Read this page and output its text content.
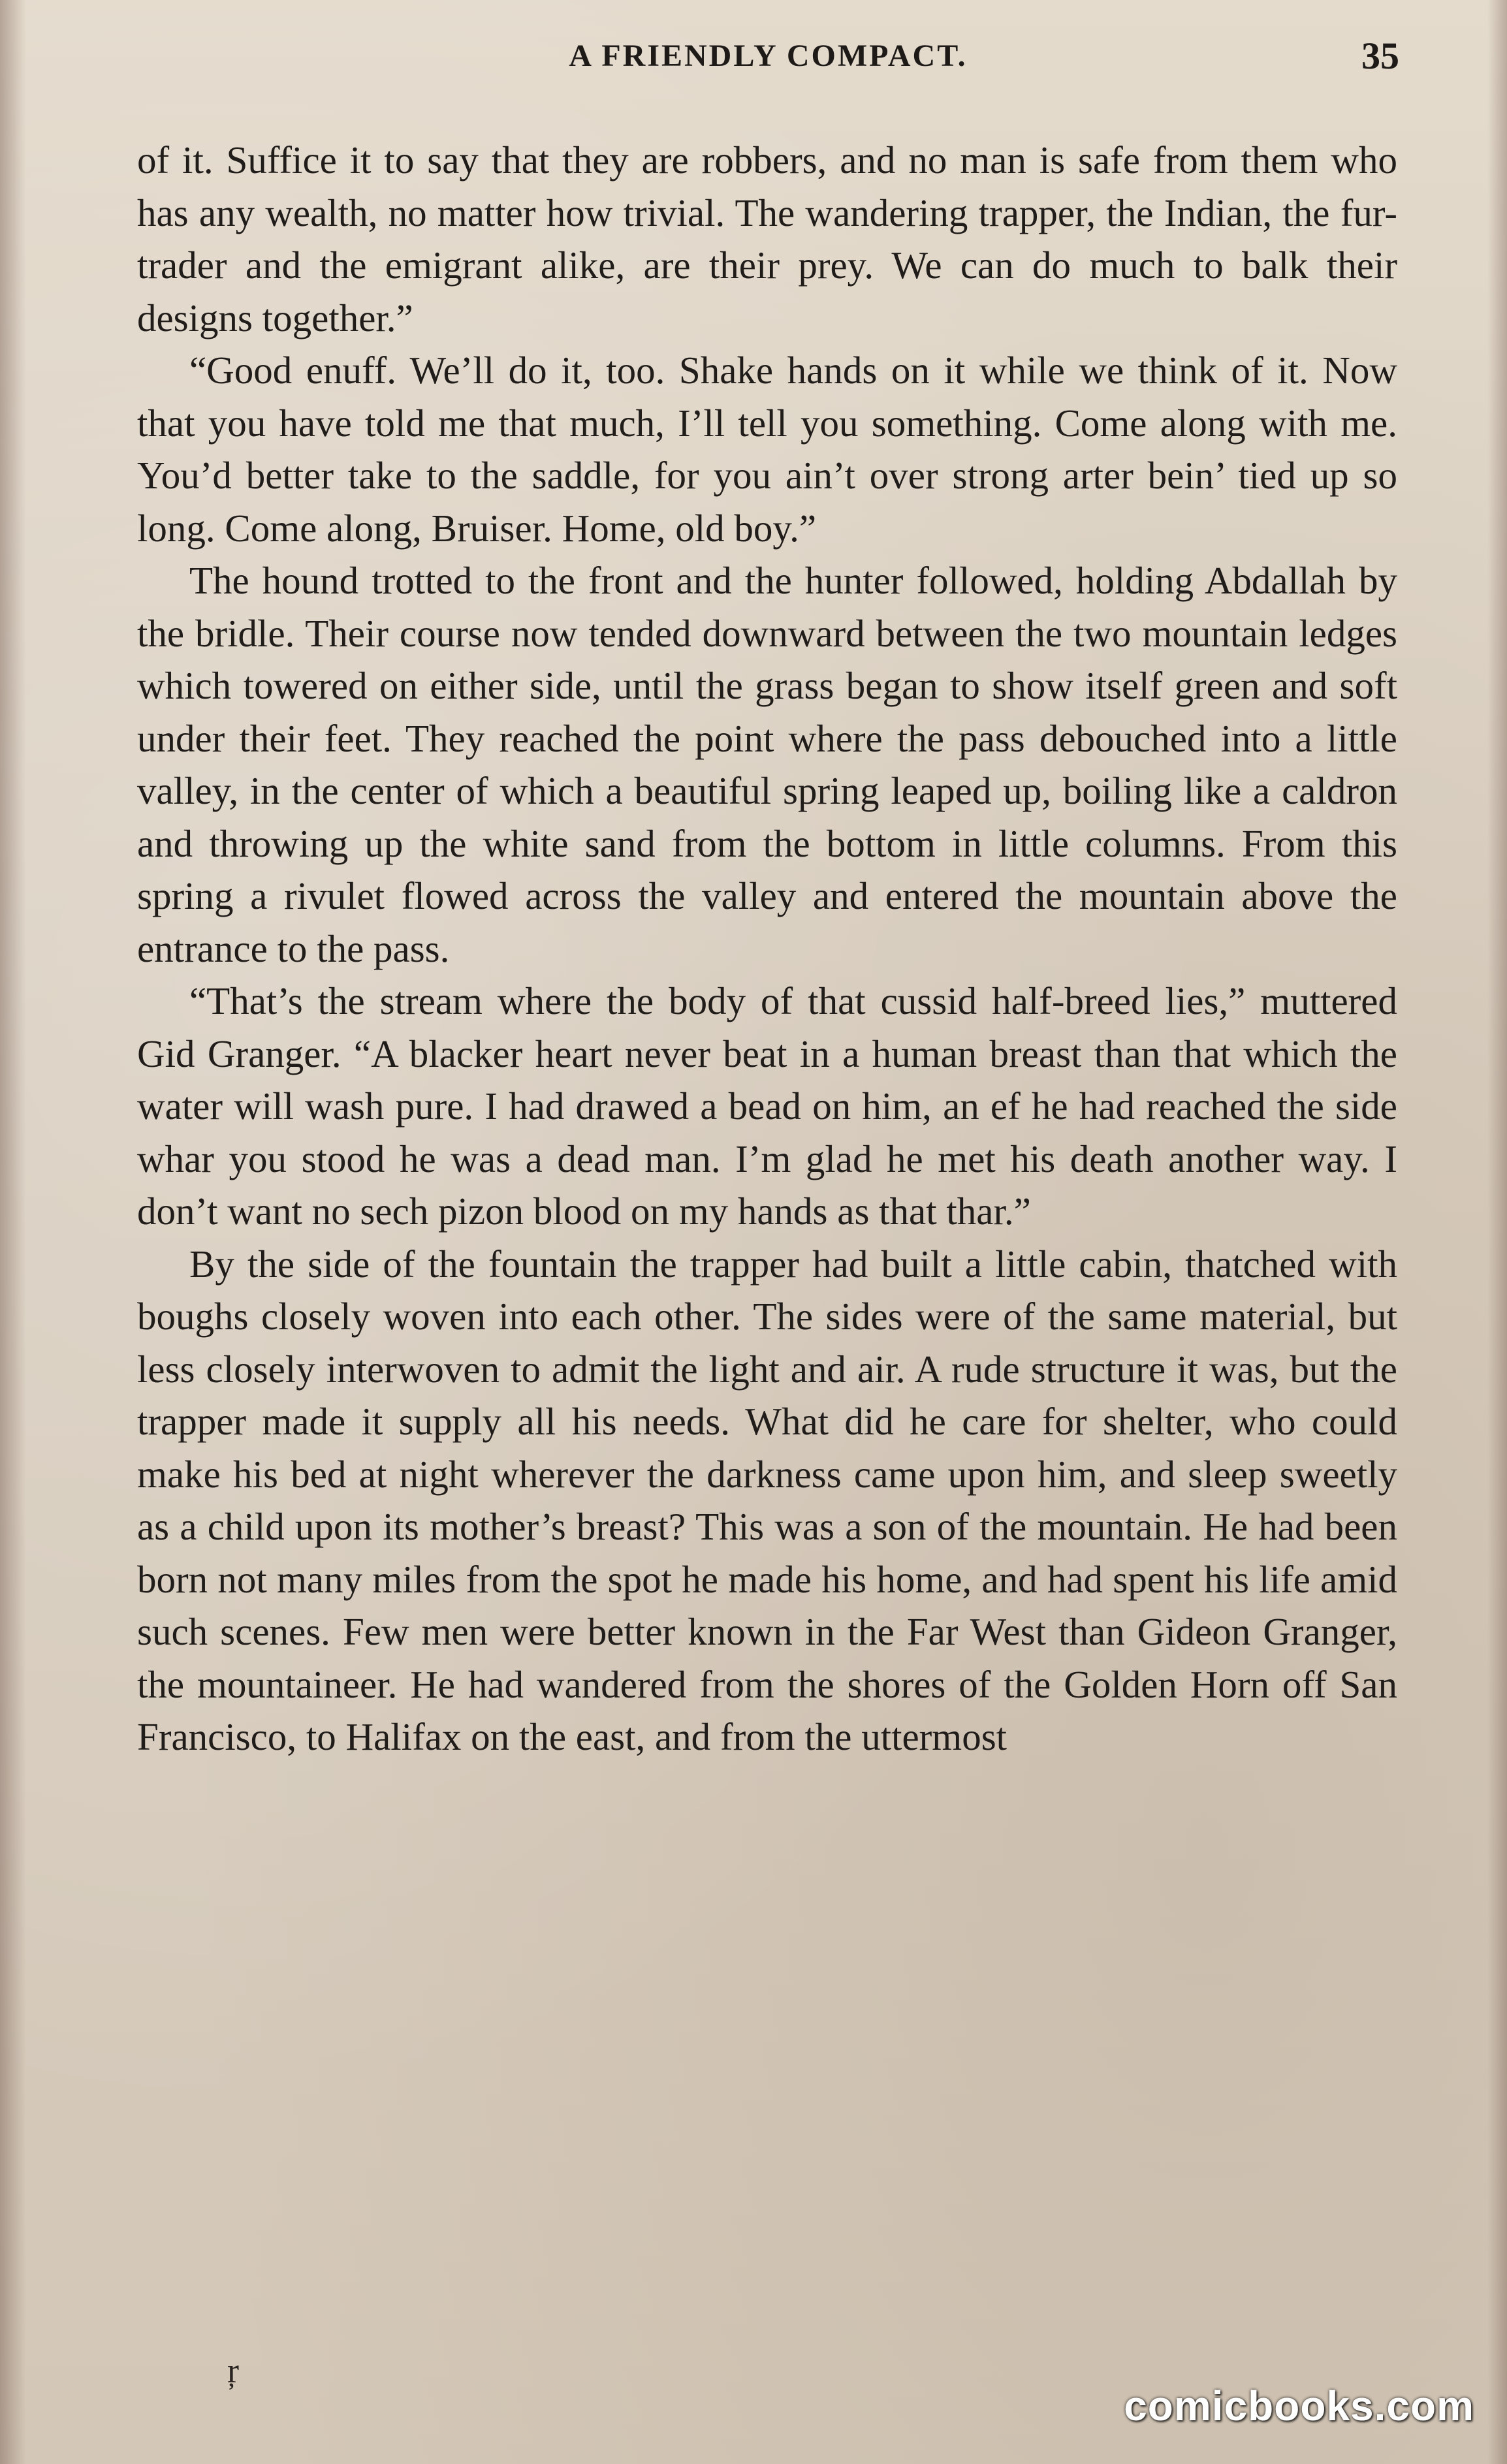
A FRIENDLY COMPACT.	35

of it. Suffice it to say that they are robbers, and no man is safe from them who has any wealth, no matter how trivial. The wandering trapper, the Indian, the fur-trader and the emigrant alike, are their prey. We can do much to balk their designs together.”

“Good enuff. We’ll do it, too. Shake hands on it while we think of it. Now that you have told me that much, I’ll tell you something. Come along with me. You’d better take to the saddle, for you ain’t over strong arter bein’ tied up so long. Come along, Bruiser. Home, old boy.”

The hound trotted to the front and the hunter followed, holding Abdallah by the bridle. Their course now tended downward between the two mountain ledges which towered on either side, until the grass began to show itself green and soft under their feet. They reached the point where the pass debouched into a little valley, in the center of which a beautiful spring leaped up, boiling like a caldron and throwing up the white sand from the bottom in little columns. From this spring a rivulet flowed across the valley and entered the mountain above the entrance to the pass.

“That’s the stream where the body of that cussid half-breed lies,” muttered Gid Granger. “A blacker heart never beat in a human breast than that which the water will wash pure. I had drawed a bead on him, an ef he had reached the side whar you stood he was a dead man. I’m glad he met his death another way. I don’t want no sech pizon blood on my hands as that thar.”

By the side of the fountain the trapper had built a little cabin, thatched with boughs closely woven into each other. The sides were of the same material, but less closely interwoven to admit the light and air. A rude structure it was, but the trapper made it supply all his needs. What did he care for shelter, who could make his bed at night wherever the darkness came upon him, and sleep sweetly as a child upon its mother’s breast? This was a son of the mountain. He had been born not many miles from the spot he made his home, and had spent his life amid such scenes. Few men were better known in the Far West than Gideon Granger, the mountaineer. He had wandered from the shores of the Golden Horn off San Francisco, to Halifax on the east, and from the uttermost

ŗ
comicbooks.com
